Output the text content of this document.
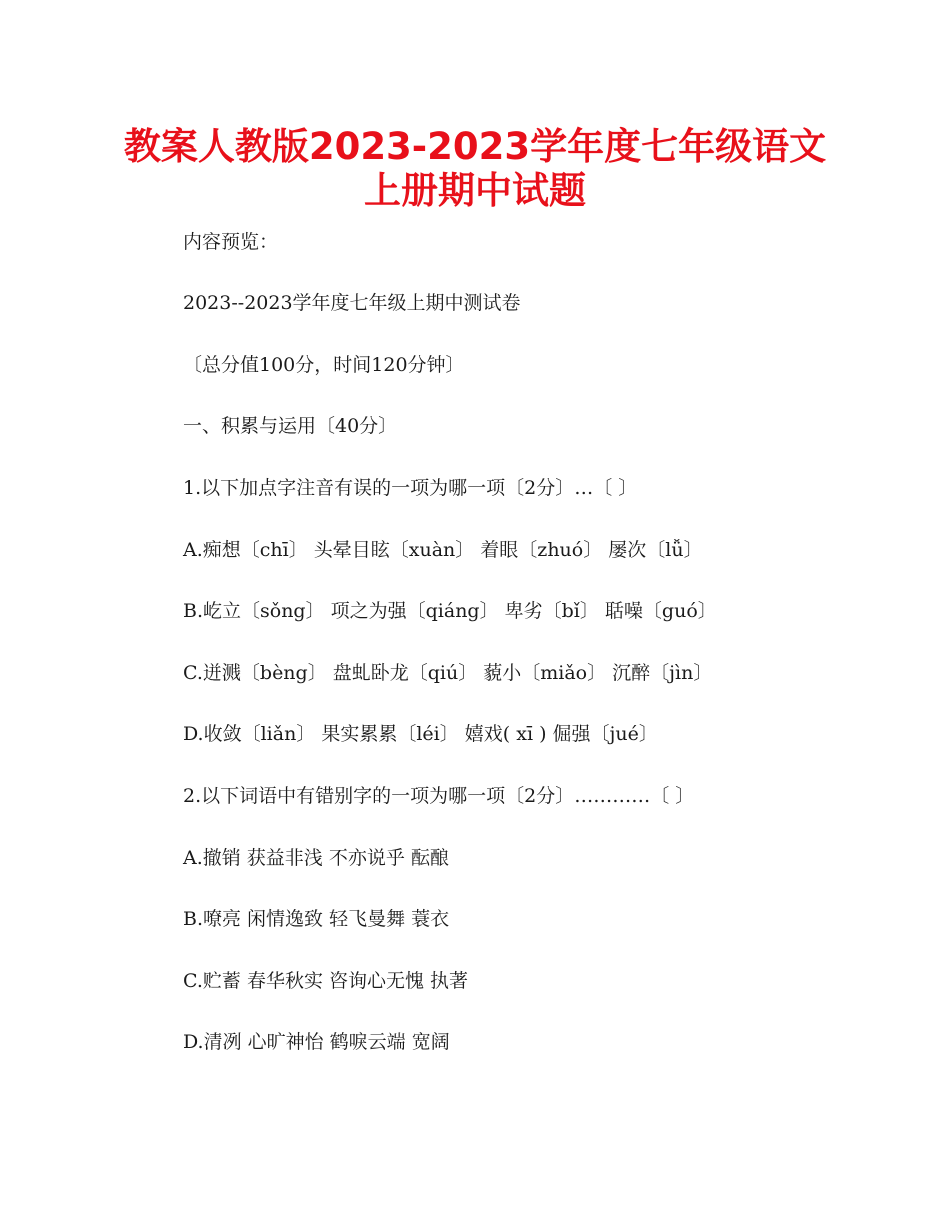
教案人教版2023-2023学年度七年级语文
上册期中试题
内容预览：
2023--2023学年度七年级上期中测试卷
〔总分值100分，时间120分钟〕
一、积累与运用〔40分〕
1.以下加点字注音有误的一项为哪一项〔2分〕…〔 〕
A.痴想〔chī〕 头晕目眩〔xuàn〕 着眼〔zhuó〕 屡次〔lǚ〕
B.屹立〔sǒng〕 项之为强〔qiáng〕 卑劣〔bǐ〕 聒噪〔guó〕
C.迸溅〔bèng〕 盘虬卧龙〔qiú〕 藐小〔miǎo〕 沉醉〔jìn〕
D.收敛〔liǎn〕 果实累累〔léi〕 嬉戏( xī ) 倔强〔jué〕
2.以下词语中有错别字的一项为哪一项〔2分〕…………〔 〕
A.撤销 获益非浅 不亦说乎 酝酿
B.嘹亮 闲情逸致 轻飞曼舞 蓑衣
C.贮蓄 春华秋实 咨询心无愧 执著
D.清冽 心旷神怡 鹤唳云端 宽阔
